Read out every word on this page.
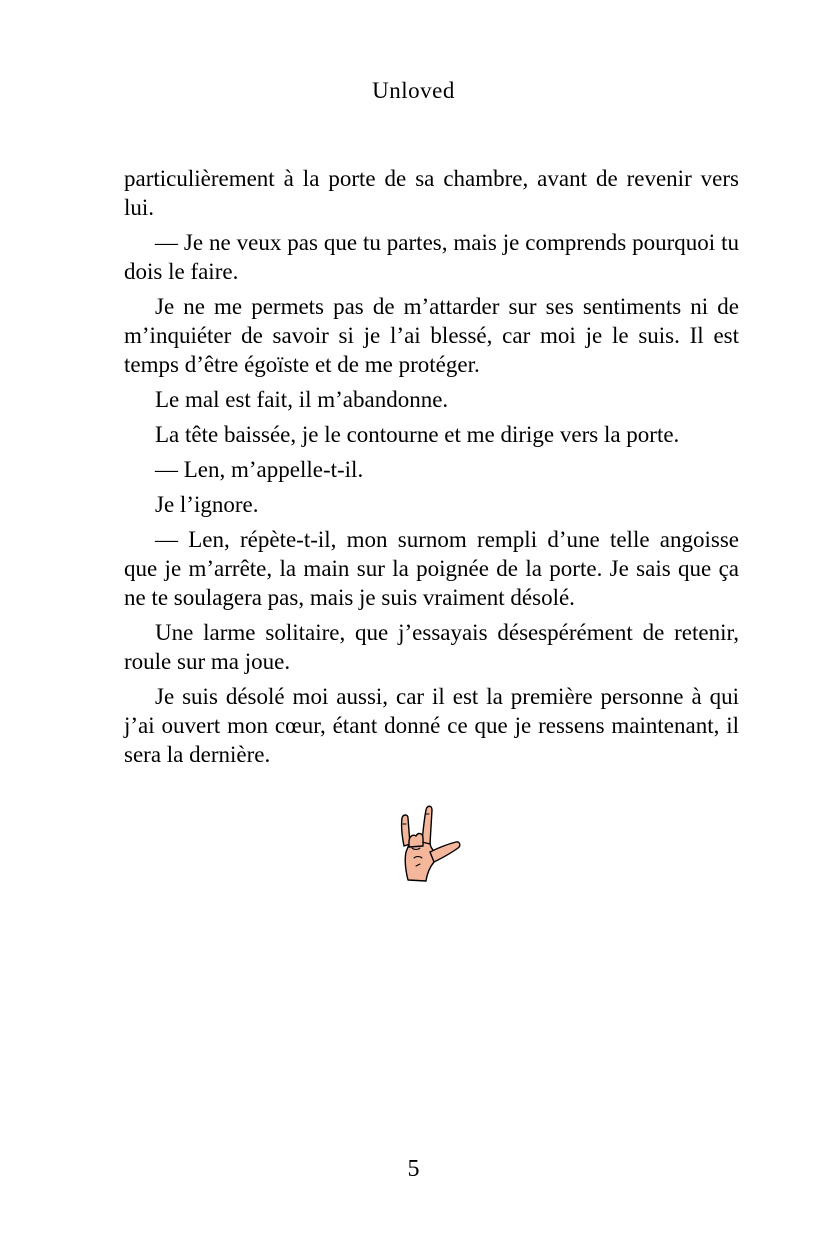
Unloved

particulièrement à la porte de sa chambre, avant de revenir vers lui.

— Je ne veux pas que tu partes, mais je comprends pourquoi tu dois le faire.

Je ne me permets pas de m’attarder sur ses sentiments ni de m’inquiéter de savoir si je l’ai blessé, car moi je le suis. Il est temps d’être égoïste et de me protéger.

Le mal est fait, il m’abandonne.

La tête baissée, je le contourne et me dirige vers la porte.

— Len, m’appelle-t-il.

Je l’ignore.

— Len, répète-t-il, mon surnom rempli d’une telle angoisse que je m’arrête, la main sur la poignée de la porte. Je sais que ça ne te soulagera pas, mais je suis vraiment désolé.

Une larme solitaire, que j’essayais désespérément de retenir, roule sur ma joue.

Je suis désolé moi aussi, car il est la première personne à qui j’ai ouvert mon cœur, étant donné ce que je ressens maintenant, il sera la dernière.

5
